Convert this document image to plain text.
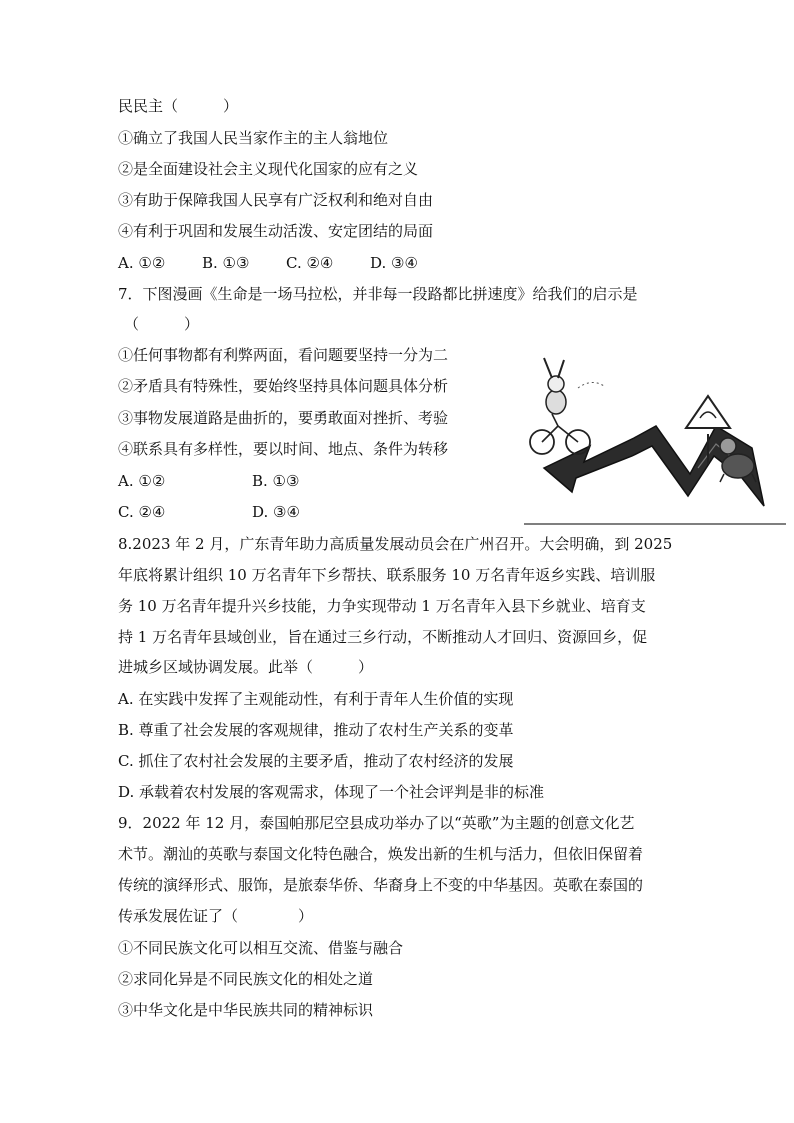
民民主（　　　）
①确立了我国人民当家作主的主人翁地位
②是全面建设社会主义现代化国家的应有之义
③有助于保障我国人民享有广泛权利和绝对自由
④有利于巩固和发展生动活泼、安定团结的局面
A. ①② B. ①③ C. ②④ D. ③④
7．下图漫画《生命是一场马拉松，并非每一段路都比拼速度》给我们的启示是
（　　　）
①任何事物都有利弊两面，看问题要坚持一分为二
②矛盾具有特殊性，要始终坚持具体问题具体分析
③事物发展道路是曲折的，要勇敢面对挫折、考验
④联系具有多样性，要以时间、地点、条件为转移
A. ①②	B. ①③
C. ②④	D. ③④
8.2023 年 2 月，广东青年助力高质量发展动员会在广州召开。大会明确，到 2025
年底将累计组织 10 万名青年下乡帮扶、联系服务 10 万名青年返乡实践、培训服
务 10 万名青年提升兴乡技能，力争实现带动 1 万名青年入县下乡就业、培育支
持 1 万名青年县域创业，旨在通过三乡行动，不断推动人才回归、资源回乡，促
进城乡区域协调发展。此举（　　　）
A. 在实践中发挥了主观能动性，有利于青年人生价值的实现
B. 尊重了社会发展的客观规律，推动了农村生产关系的变革
C. 抓住了农村社会发展的主要矛盾，推动了农村经济的发展
D. 承载着农村发展的客观需求，体现了一个社会评判是非的标准
9．2022 年 12 月，泰国帕那尼空县成功举办了以“英歌”为主题的创意文化艺
术节。潮汕的英歌与泰国文化特色融合，焕发出新的生机与活力，但依旧保留着
传统的演绎形式、服饰，是旅泰华侨、华裔身上不变的中华基因。英歌在泰国的
传承发展佐证了（　　　　）
①不同民族文化可以相互交流、借鉴与融合
②求同化异是不同民族文化的相处之道
③中华文化是中华民族共同的精神标识
